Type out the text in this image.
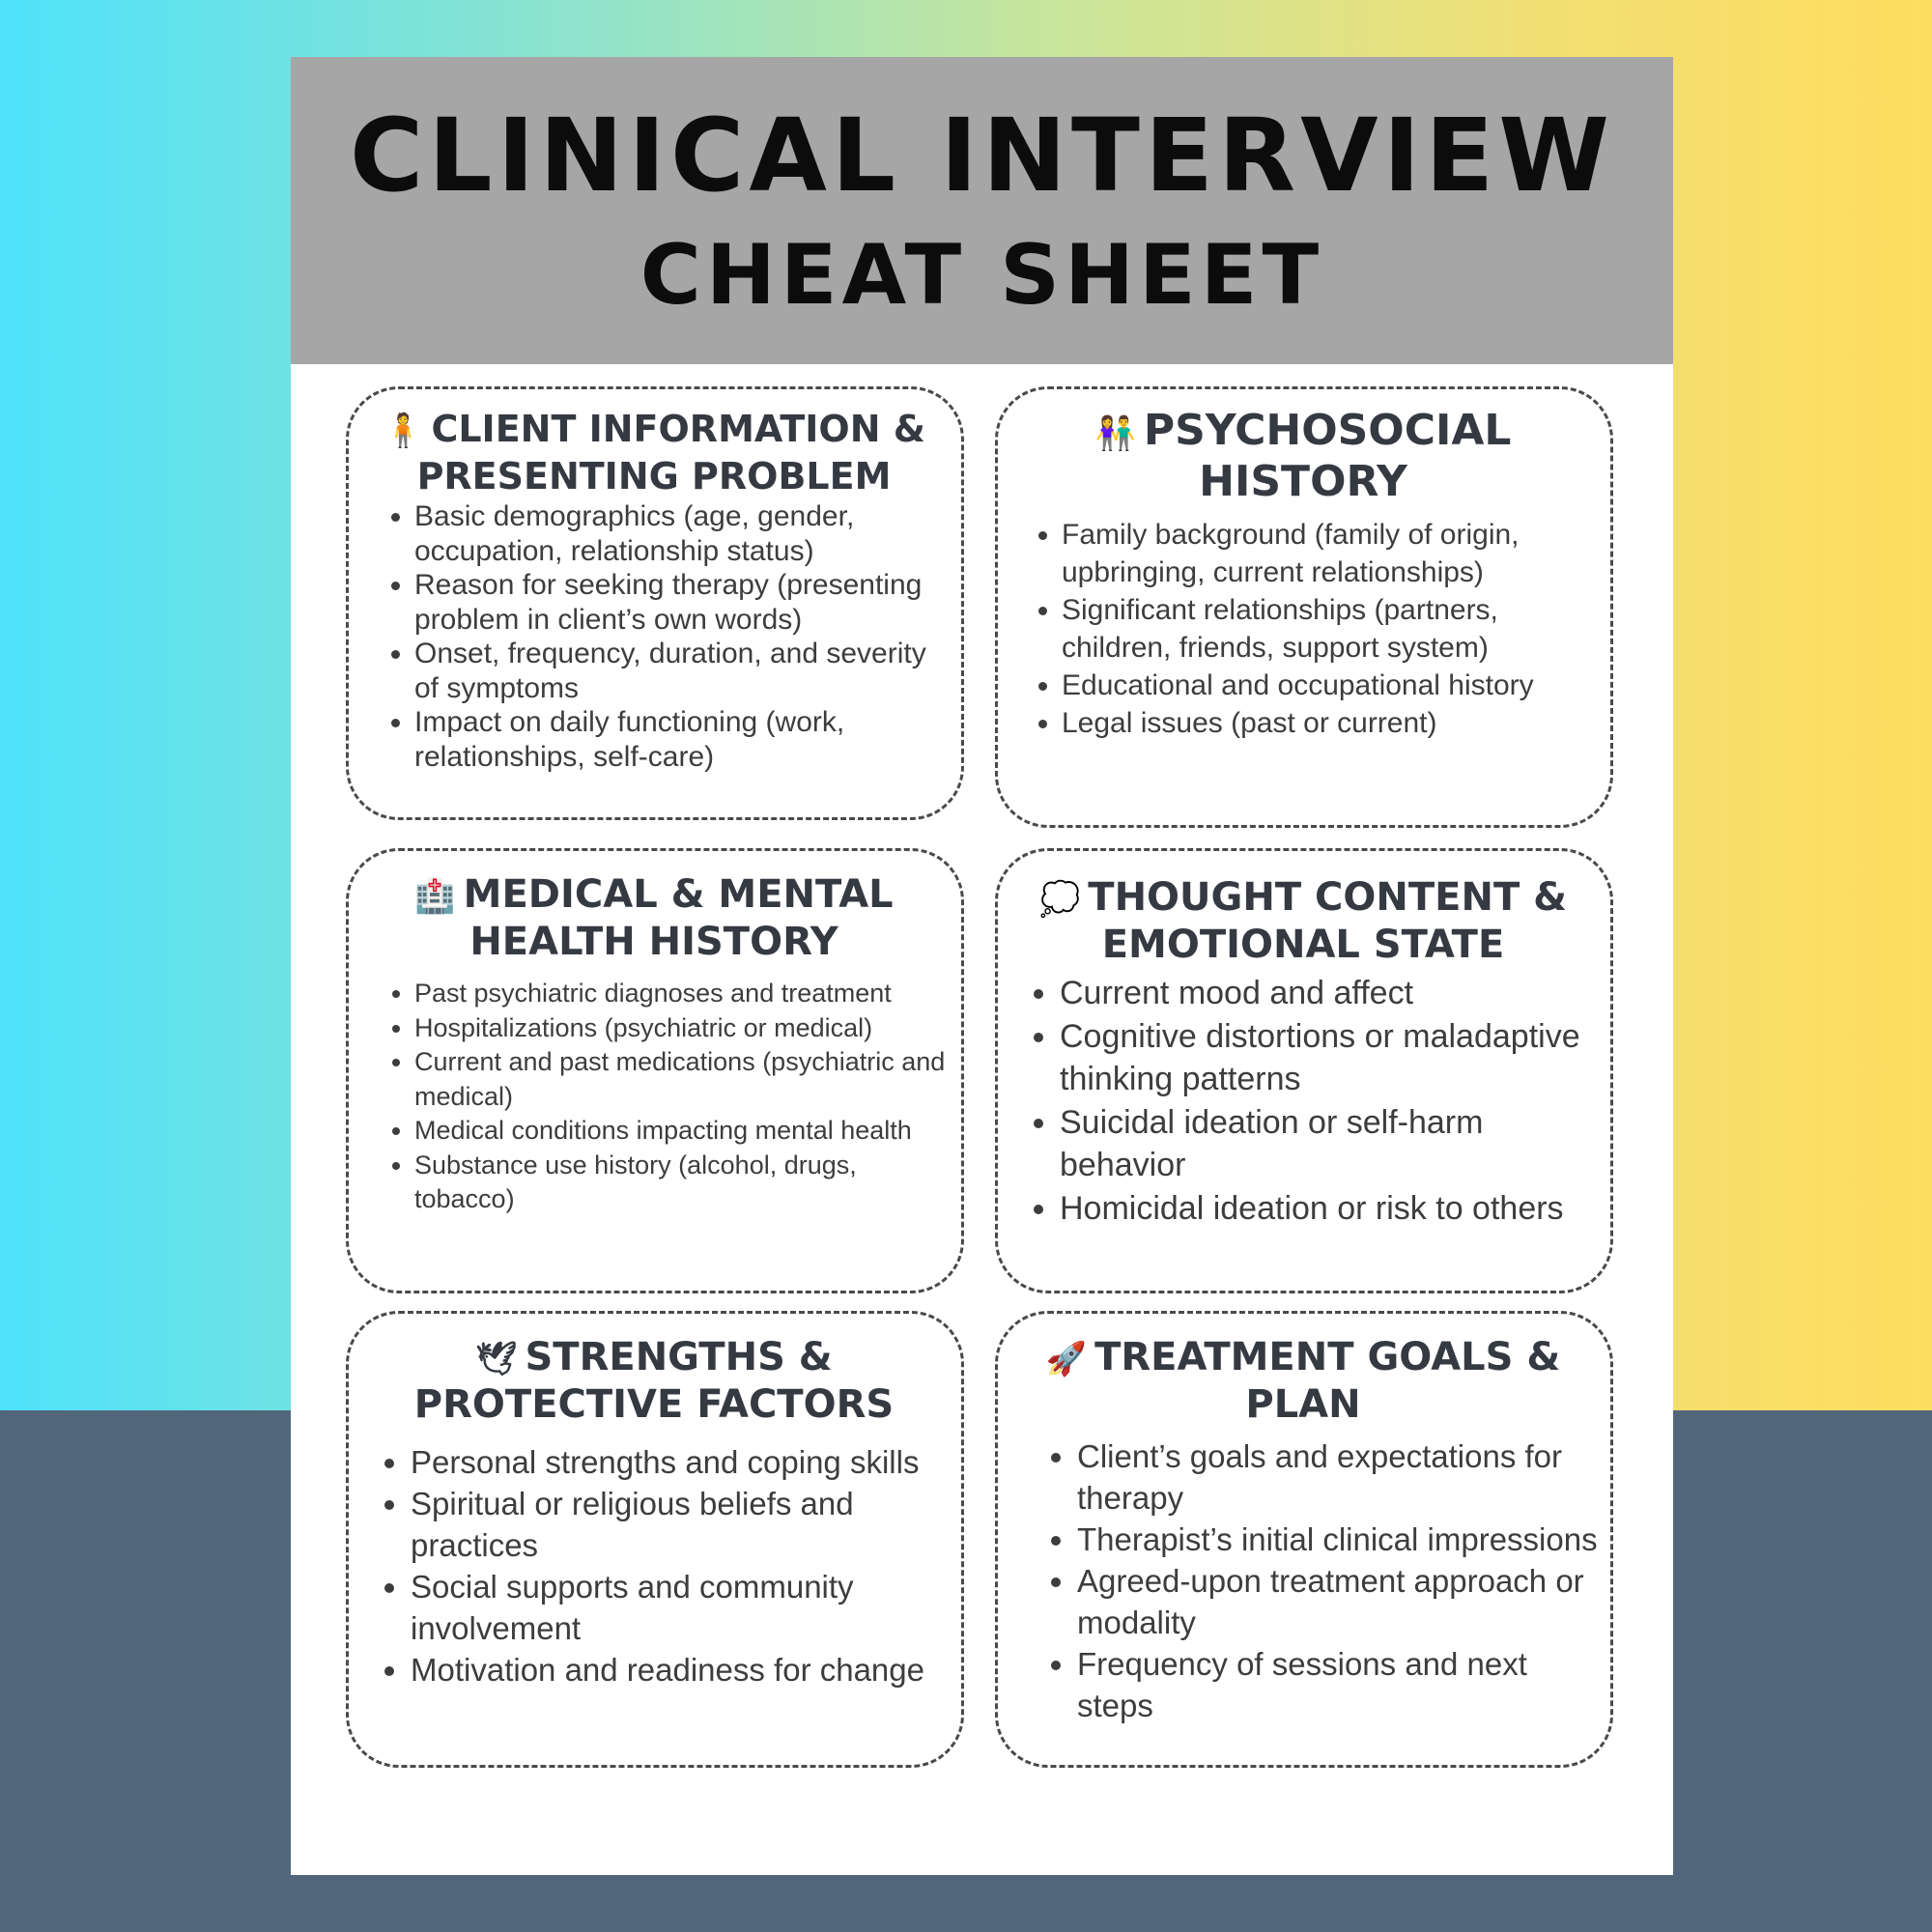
CLINICAL INTERVIEW
CHEAT SHEET
🧍 CLIENT INFORMATION & PRESENTING PROBLEM
• Basic demographics (age, gender, occupation, relationship status)
• Reason for seeking therapy (presenting problem in client’s own words)
• Onset, frequency, duration, and severity of symptoms
• Impact on daily functioning (work, relationships, self-care)
👫 PSYCHOSOCIAL HISTORY
• Family background (family of origin, upbringing, current relationships)
• Significant relationships (partners, children, friends, support system)
• Educational and occupational history
• Legal issues (past or current)
🏥 MEDICAL & MENTAL HEALTH HISTORY
• Past psychiatric diagnoses and treatment
• Hospitalizations (psychiatric or medical)
• Current and past medications (psychiatric and medical)
• Medical conditions impacting mental health
• Substance use history (alcohol, drugs, tobacco)
💭 THOUGHT CONTENT & EMOTIONAL STATE
• Current mood and affect
• Cognitive distortions or maladaptive thinking patterns
• Suicidal ideation or self-harm behavior
• Homicidal ideation or risk to others
🕊 STRENGTHS & PROTECTIVE FACTORS
• Personal strengths and coping skills
• Spiritual or religious beliefs and practices
• Social supports and community involvement
• Motivation and readiness for change
🚀 TREATMENT GOALS & PLAN
• Client’s goals and expectations for therapy
• Therapist’s initial clinical impressions
• Agreed-upon treatment approach or modality
• Frequency of sessions and next steps
